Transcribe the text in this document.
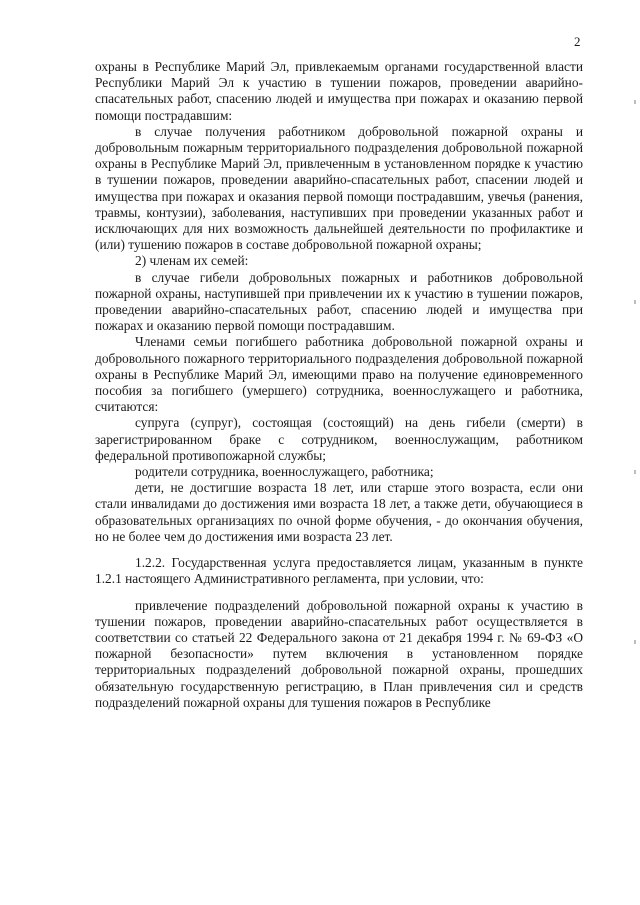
2

охраны в Республике Марий Эл, привлекаемым органами государственной власти Республики Марий Эл к участию в тушении пожаров, проведении аварийно-спасательных работ, спасению людей и имущества при пожарах и оказанию первой помощи пострадавшим:

в случае получения работником добровольной пожарной охраны и добровольным пожарным территориального подразделения добровольной пожарной охраны в Республике Марий Эл, привлеченным в установленном порядке к участию в тушении пожаров, проведении аварийно-спасательных работ, спасении людей и имущества при пожарах и оказания первой помощи пострадавшим, увечья (ранения, травмы, контузии), заболевания, наступивших при проведении указанных работ и исключающих для них возможность дальнейшей деятельности по профилактике и (или) тушению пожаров в составе добровольной пожарной охраны;

2) членам их семей:

в случае гибели добровольных пожарных и работников добровольной пожарной охраны, наступившей при привлечении их к участию в тушении пожаров, проведении аварийно-спасательных работ, спасению людей и имущества при пожарах и оказанию первой помощи пострадавшим.

Членами семьи погибшего работника добровольной пожарной охраны и добровольного пожарного территориального подразделения добровольной пожарной охраны в Республике Марий Эл, имеющими право на получение единовременного пособия за погибшего (умершего) сотрудника, военнослужащего и работника, считаются:

супруга (супруг), состоящая (состоящий) на день гибели (смерти) в зарегистрированном браке с сотрудником, военнослужащим, работником федеральной противопожарной службы;

родители сотрудника, военнослужащего, работника;

дети, не достигшие возраста 18 лет, или старше этого возраста, если они стали инвалидами до достижения ими возраста 18 лет, а также дети, обучающиеся в образовательных организациях по очной форме обучения, - до окончания обучения, но не более чем до достижения ими возраста 23 лет.

1.2.2. Государственная услуга предоставляется лицам, указанным в пункте 1.2.1 настоящего Административного регламента, при условии, что:

привлечение подразделений добровольной пожарной охраны к участию в тушении пожаров, проведении аварийно-спасательных работ осуществляется в соответствии со статьей 22 Федерального закона от 21 декабря 1994 г. № 69-ФЗ «О пожарной безопасности» путем включения в установленном порядке территориальных подразделений добровольной пожарной охраны, прошедших обязательную государственную регистрацию, в План привлечения сил и средств подразделений пожарной охраны для тушения пожаров в Республике
